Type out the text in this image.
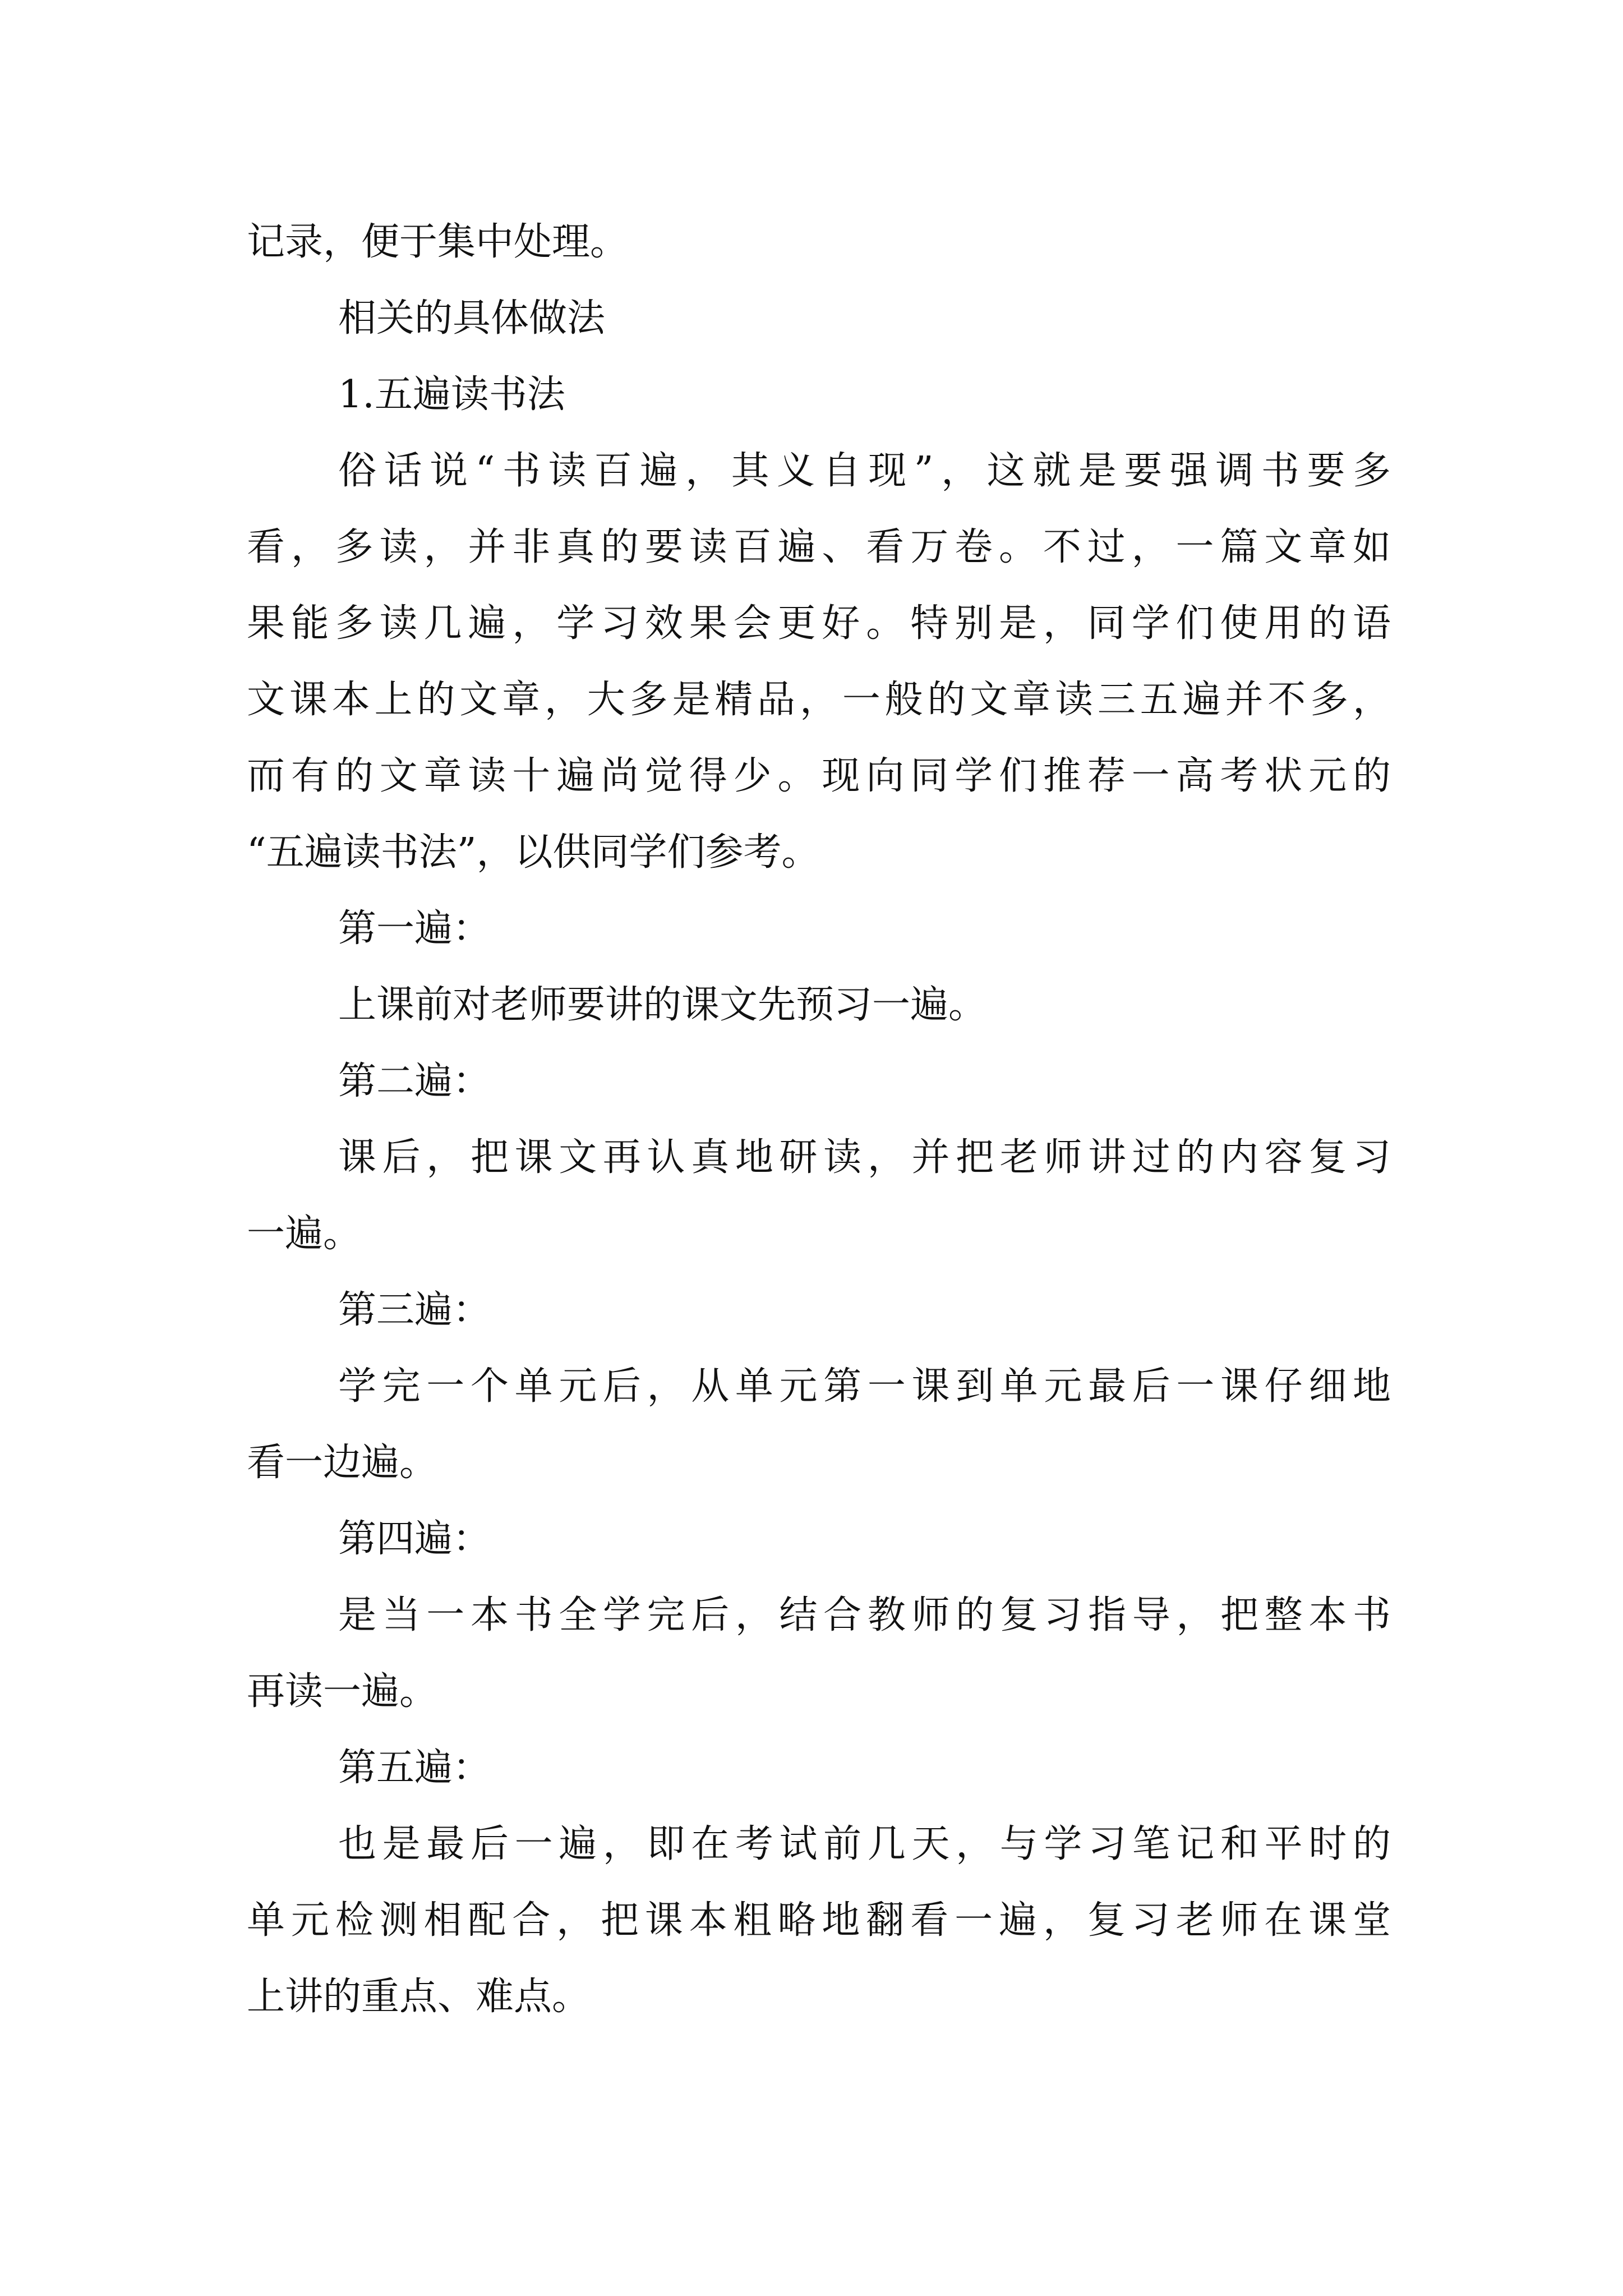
记录，便于集中处理。
相关的具体做法
1.五遍读书法
俗话说“书读百遍，其义自现”，这就是要强调书要多
看，多读，并非真的要读百遍、看万卷。不过，一篇文章如
果能多读几遍，学习效果会更好。特别是，同学们使用的语
文课本上的文章，大多是精品，一般的文章读三五遍并不多，
而有的文章读十遍尚觉得少。现向同学们推荐一高考状元的
“五遍读书法”，以供同学们参考。
第一遍：
上课前对老师要讲的课文先预习一遍。
第二遍：
课后，把课文再认真地研读，并把老师讲过的内容复习
一遍。
第三遍：
学完一个单元后，从单元第一课到单元最后一课仔细地
看一边遍。
第四遍：
是当一本书全学完后，结合教师的复习指导，把整本书
再读一遍。
第五遍：
也是最后一遍，即在考试前几天，与学习笔记和平时的
单元检测相配合，把课本粗略地翻看一遍，复习老师在课堂
上讲的重点、难点。
